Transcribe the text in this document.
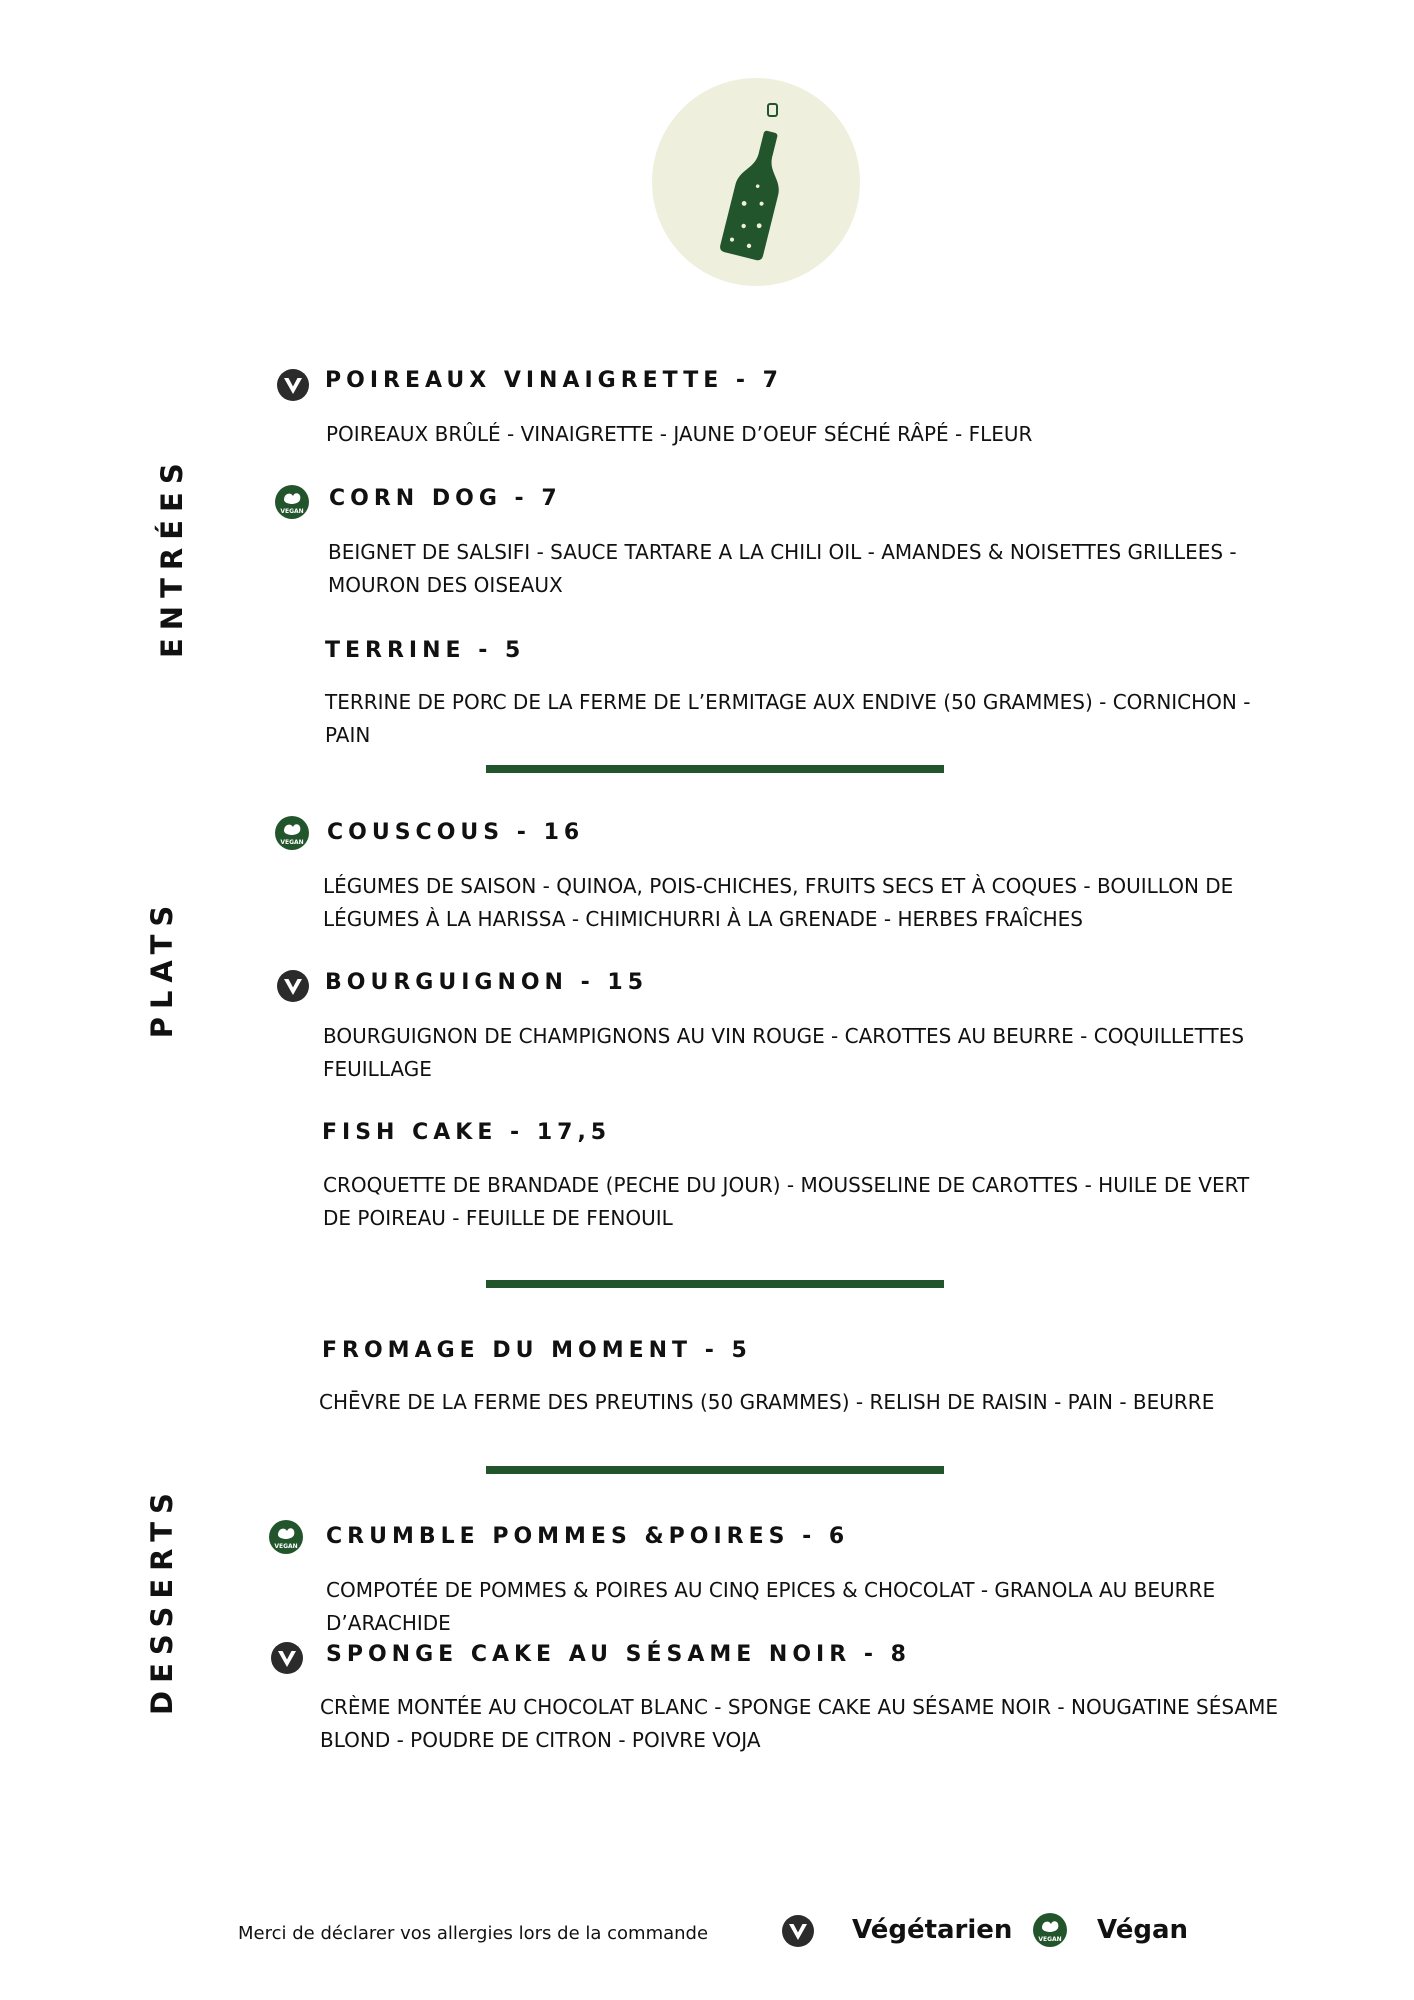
ENTRÉES
PLATS
DESSERTS
POIREAUX VINAIGRETTE - 7
POIREAUX BRÛLÉ - VINAIGRETTE - JAUNE D’OEUF SÉCHÉ RÂPÉ - FLEUR
VEGAN
CORN DOG - 7
BEIGNET DE SALSIFI - SAUCE TARTARE A LA CHILI OIL - AMANDES & NOISETTES GRILLEES - MOURON DES OISEAUX
TERRINE - 5
TERRINE DE PORC DE LA FERME DE L’ERMITAGE AUX ENDIVE (50 GRAMMES) - CORNICHON - PAIN
VEGAN COUSCOUS - 16
LÉGUMES DE SAISON - QUINOA, POIS-CHICHES, FRUITS SECS ET À COQUES - BOUILLON DE LÉGUMES À LA HARISSA - CHIMICHURRI À LA GRENADE - HERBES FRAÎCHES
BOURGUIGNON - 15
BOURGUIGNON DE CHAMPIGNONS AU VIN ROUGE - CAROTTES AU BEURRE - COQUILLETTES FEUILLAGE
FISH CAKE - 17,5
CROQUETTE DE BRANDADE (PECHE DU JOUR) - MOUSSELINE DE CAROTTES - HUILE DE VERT DE POIREAU - FEUILLE DE FENOUIL
FROMAGE DU MOMENT - 5
CHĒVRE DE LA FERME DES PREUTINS (50 GRAMMES) - RELISH DE RAISIN - PAIN - BEURRE
VEGAN CRUMBLE POMMES &POIRES - 6
COMPOTÉE DE POMMES & POIRES AU CINQ EPICES & CHOCOLAT - GRANOLA AU BEURRE D’ARACHIDE
SPONGE CAKE AU SÉSAME NOIR - 8
CRÈME MONTÉE AU CHOCOLAT BLANC - SPONGE CAKE AU SÉSAME NOIR - NOUGATINE SÉSAME BLOND - POUDRE DE CITRON - POIVRE VOJA
Merci de déclarer vos allergies lors de la commande	Végétarien	VEGAN Végan
